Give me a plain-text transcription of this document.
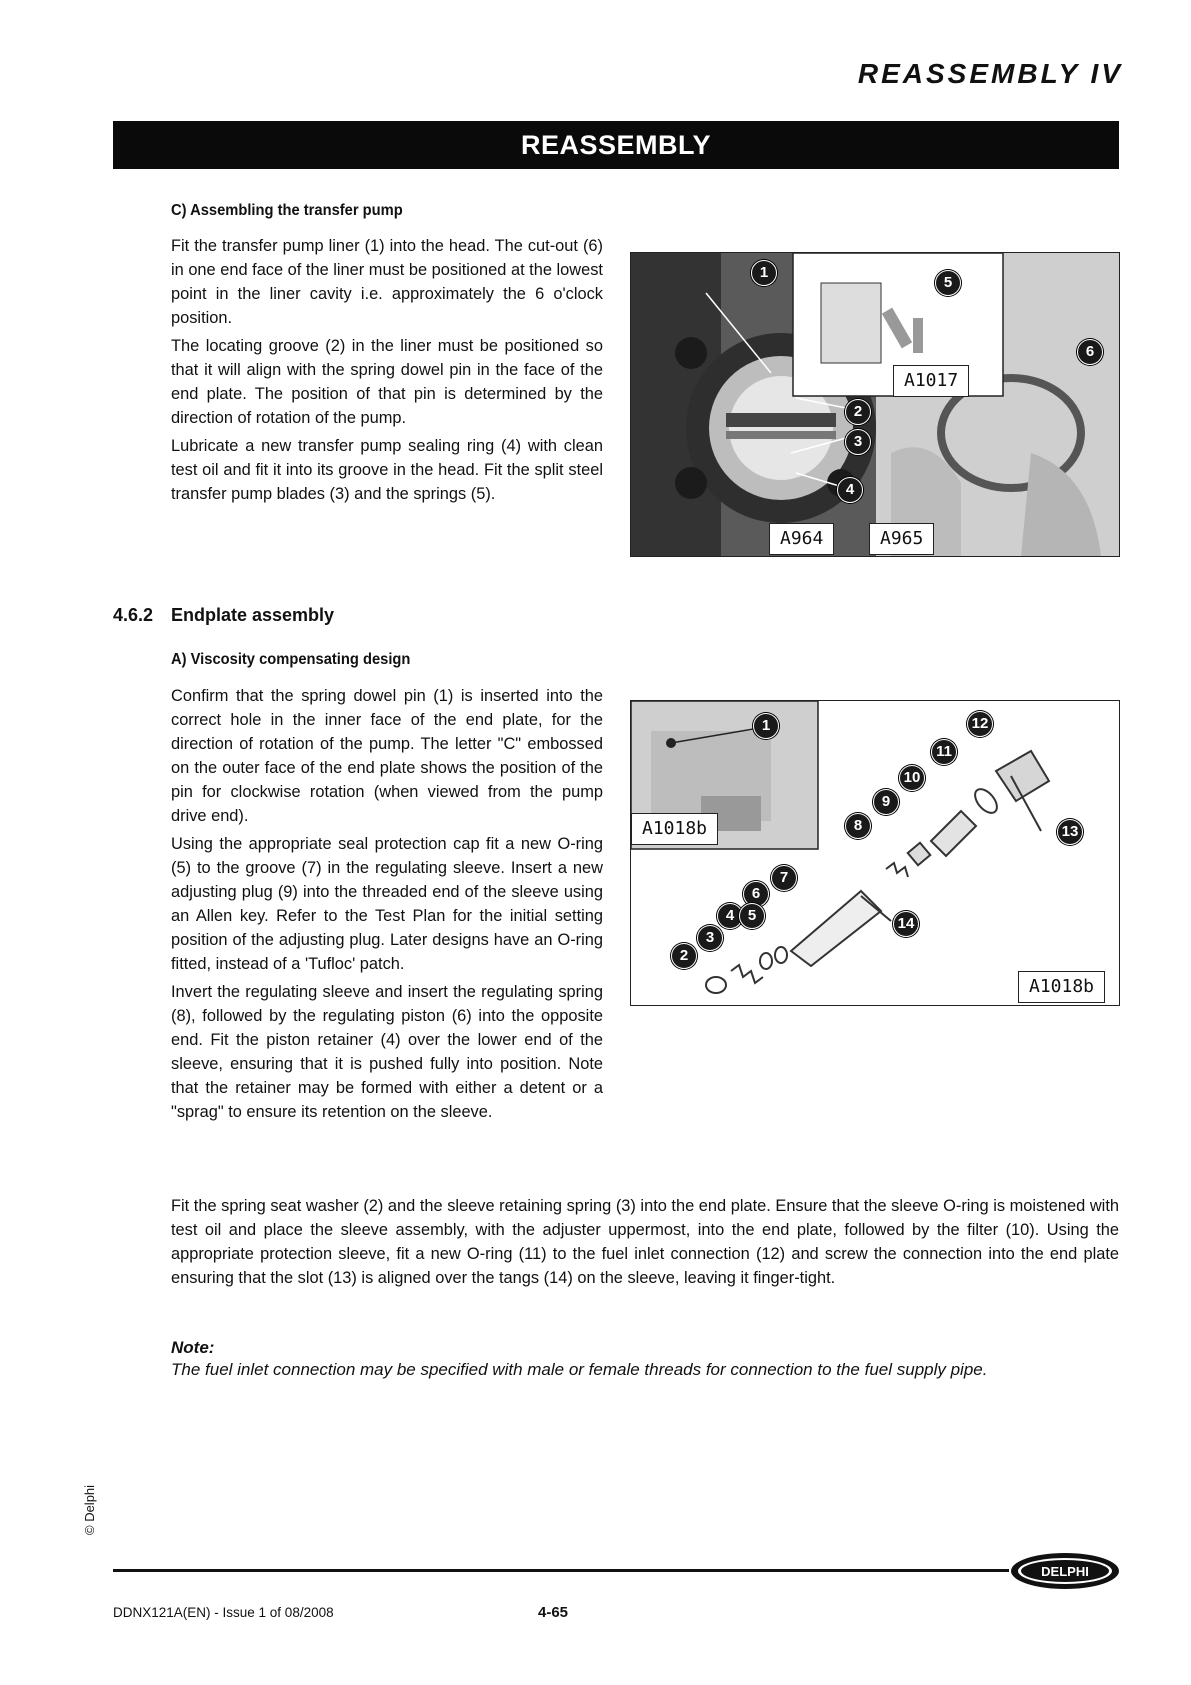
REASSEMBLY IV
REASSEMBLY
C) Assembling the transfer pump

Fit the transfer pump liner (1) into the head. The cut-out (6) in one end face of the liner must be positioned at the lowest point in the liner cavity i.e. approximately the 6 o'clock position.

The locating groove (2) in the liner must be positioned so that it will align with the spring dowel pin in the face of the end plate. The position of that pin is determined by the direction of rotation of the pump.

Lubricate a new transfer pump sealing ring (4) with clean test oil and fit it into its groove in the head. Fit the split steel transfer pump blades (3) and the springs (5).

1
5
6
2
3
4
A1017
A964	A965
4.6.2 Endplate assembly
A) Viscosity compensating design

Confirm that the spring dowel pin (1) is inserted into the correct hole in the inner face of the end plate, for the direction of rotation of the pump. The letter "C" embossed on the outer face of the end plate shows the position of the pin for clockwise rotation (when viewed from the pump drive end).

Using the appropriate seal protection cap fit a new O-ring (5) to the groove (7) in the regulating sleeve. Insert a new adjusting plug (9) into the threaded end of the sleeve using an Allen key. Refer to the Test Plan for the initial setting position of the adjusting plug. Later designs have an O-ring fitted, instead of a 'Tufloc' patch.

Invert the regulating sleeve and insert the regulating spring (8), followed by the regulating piston (6) into the opposite end. Fit the piston retainer (4) over the lower end of the sleeve, ensuring that it is pushed fully into position. Note that the retainer may be formed with either a detent or a "sprag" to ensure its retention on the sleeve.

1	12
11
10
9
8	13
7
6
4 5
3
2
14
A1018b
A1018b
Fit the spring seat washer (2) and the sleeve retaining spring (3) into the end plate. Ensure that the sleeve O-ring is moistened with test oil and place the sleeve assembly, with the adjuster uppermost, into the end plate, followed by the filter (10). Using the appropriate protection sleeve, fit a new O-ring (11) to the fuel inlet connection (12) and screw the connection into the end plate ensuring that the slot (13) is aligned over the tangs (14) on the sleeve, leaving it finger-tight.
Note:
The fuel inlet connection may be specified with male or female threads for connection to the fuel supply pipe.
© Delphi
DELPHI
DDNX121A(EN) - Issue 1 of 08/2008	4-65
